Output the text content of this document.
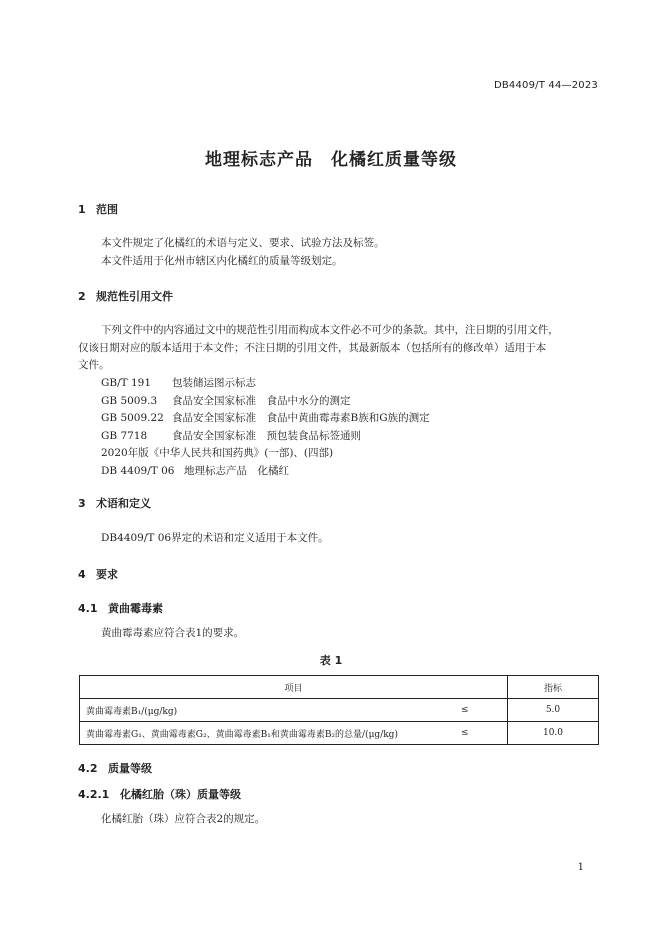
DB4409/T 44—2023
地理标志产品　化橘红质量等级
1 范围
本文件规定了化橘红的术语与定义、要求、试验方法及标签。
本文件适用于化州市辖区内化橘红的质量等级划定。
2 规范性引用文件
下列文件中的内容通过文中的规范性引用而构成本文件必不可少的条款。其中，注日期的引用文件，
仅该日期对应的版本适用于本文件；不注日期的引用文件，其最新版本（包括所有的修改单）适用于本
文件。
GB/T 191 包装储运图示标志
GB 5009.3 食品安全国家标准　食品中水分的测定
GB 5009.22 食品安全国家标准　食品中黄曲霉毒素B族和G族的测定
GB 7718 食品安全国家标准　预包装食品标签通则
2020年版《中华人民共和国药典》(一部)、(四部)
DB 4409/T 06 地理标志产品　化橘红
3 术语和定义
DB4409/T 06界定的术语和定义适用于本文件。
4 要求
4.1 黄曲霉毒素
黄曲霉毒素应符合表1的要求。
表 1
项目		指标
黄曲霉毒素B₁/(μg/kg)	≤	5.0
黄曲霉毒素G₁、黄曲霉毒素G₂、黄曲霉毒素B₁和黄曲霉毒素B₂的总量/(μg/kg)	≤	10.0
4.2 质量等级
4.2.1 化橘红胎（珠）质量等级
化橘红胎（珠）应符合表2的规定。
1
